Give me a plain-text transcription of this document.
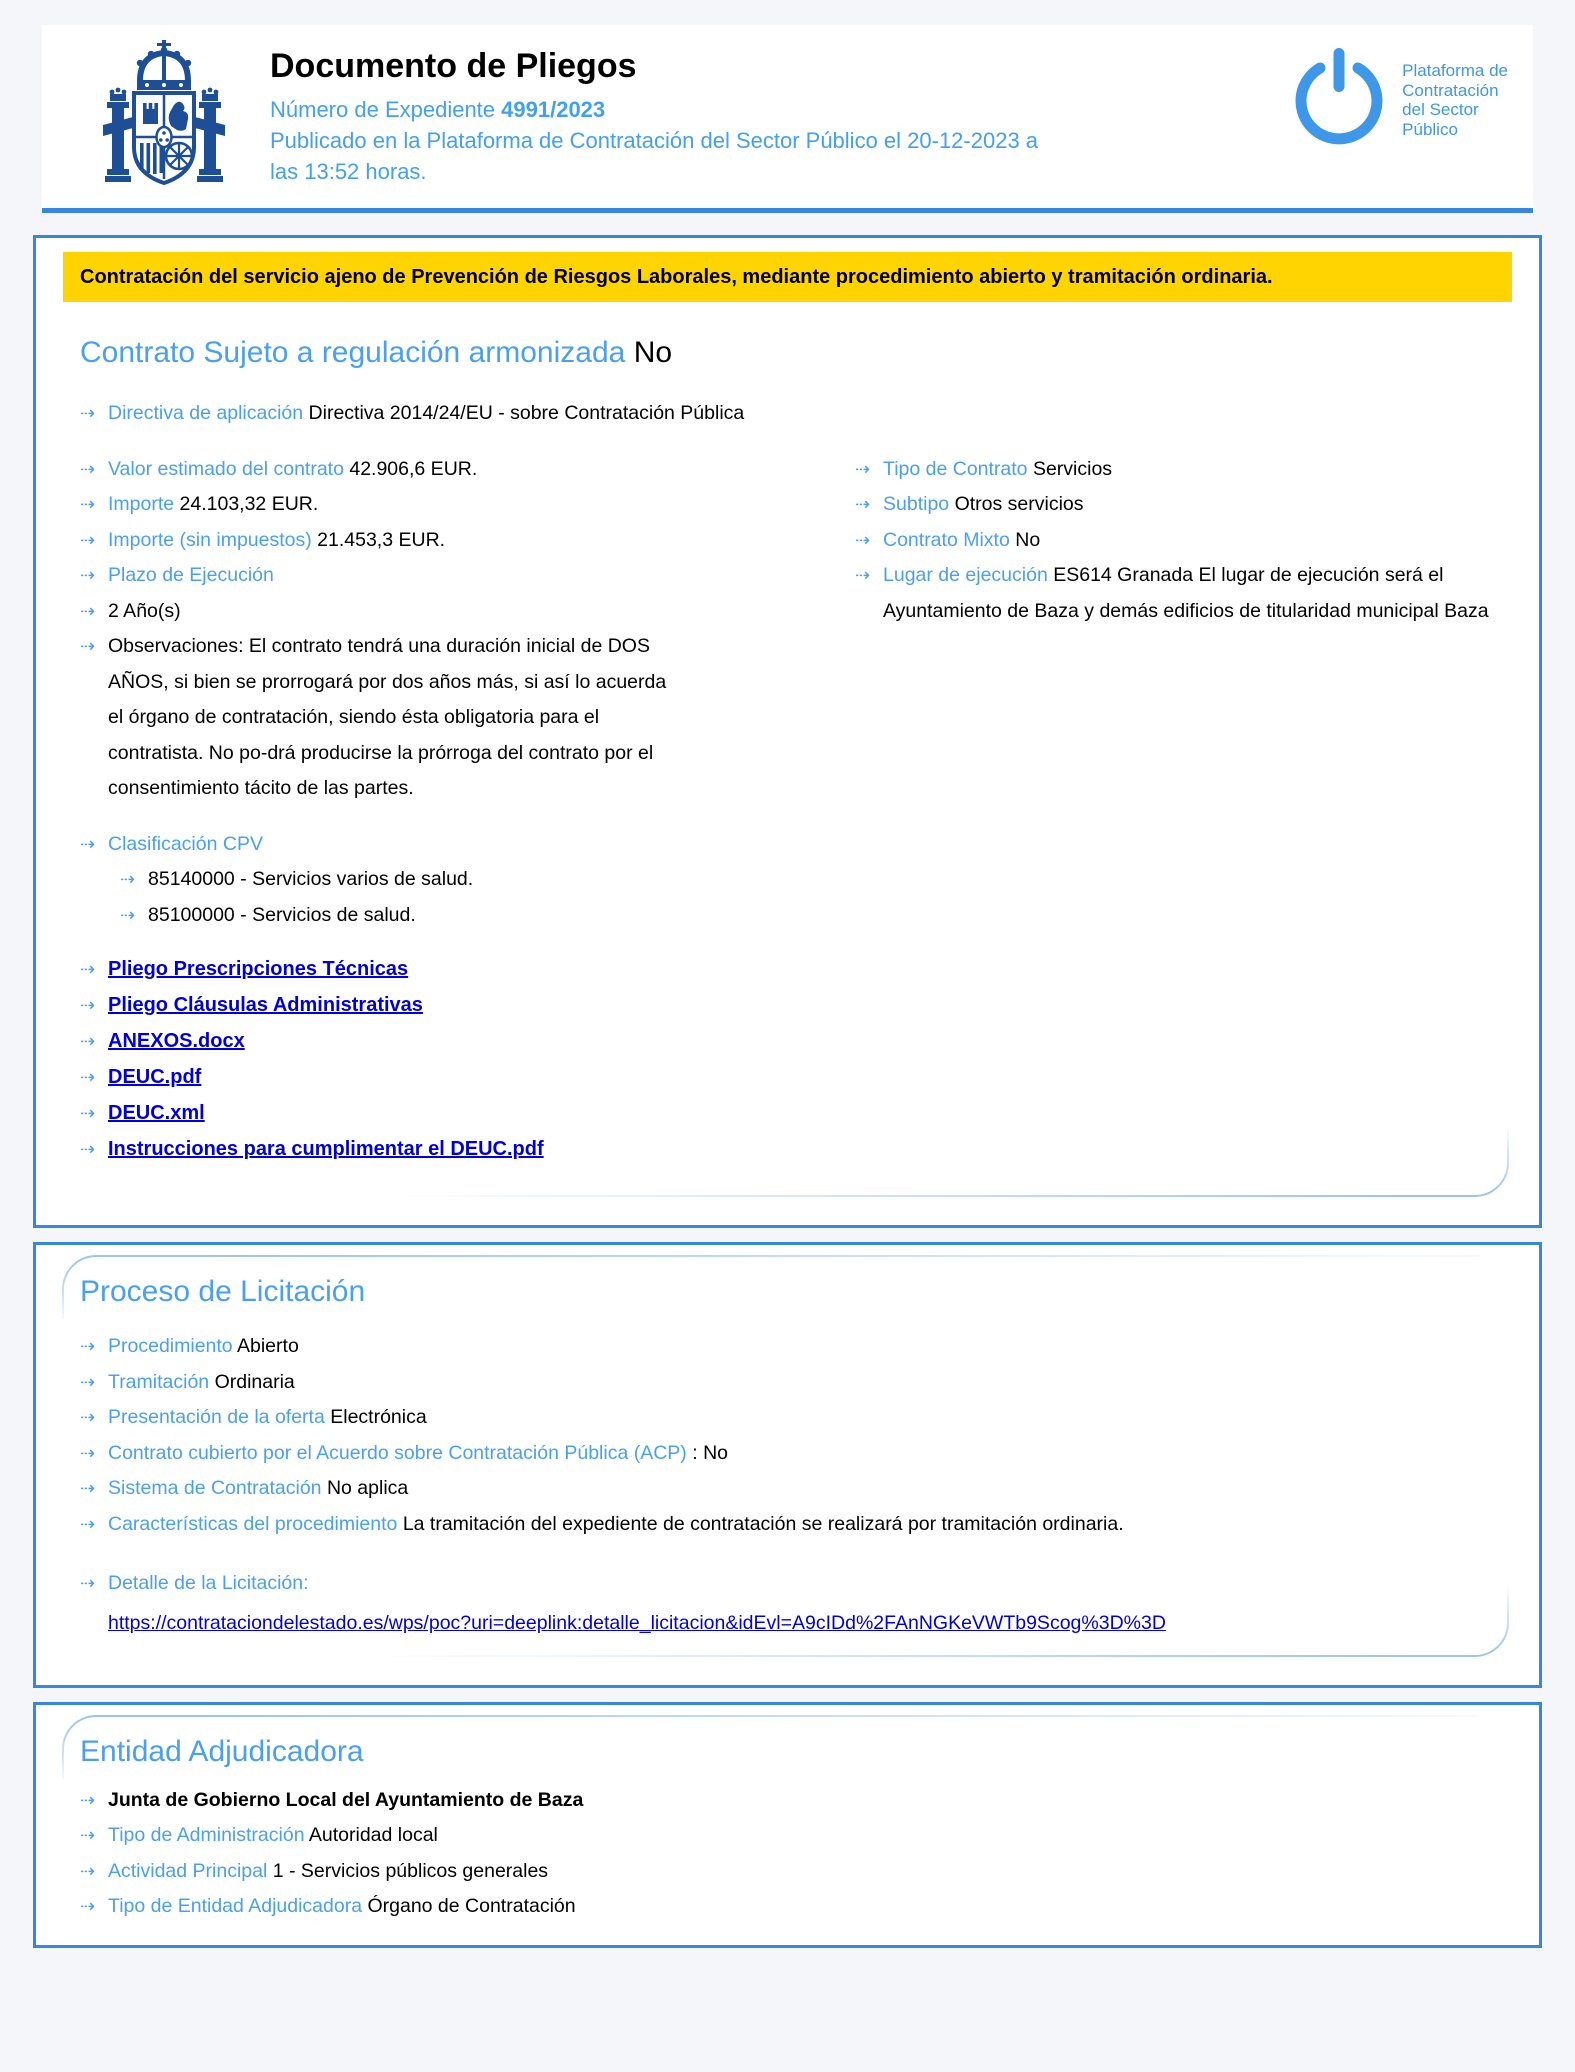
Documento de Pliegos
Número de Expediente 4991/2023
Publicado en la Plataforma de Contratación del Sector Público el 20-12-2023 a las 13:52 horas.
Plataforma de
Contratación
del Sector
Público
Contratación del servicio ajeno de Prevención de Riesgos Laborales, mediante procedimiento abierto y tramitación ordinaria.
Contrato Sujeto a regulación armonizada No
⇢ Directiva de aplicación Directiva 2014/24/EU - sobre Contratación Pública
⇢ Valor estimado del contrato 42.906,6 EUR.
⇢ Importe 24.103,32 EUR.
⇢ Importe (sin impuestos) 21.453,3 EUR.
⇢ Plazo de Ejecución
⇢ 2 Año(s)
⇢ Observaciones: El contrato tendrá una duración inicial de DOS AÑOS, si bien se prorrogará por dos años más, si así lo acuerda el órgano de contratación, siendo ésta obligatoria para el contratista. No po-drá producirse la prórroga del contrato por el consentimiento tácito de las partes.
⇢ Tipo de Contrato Servicios
⇢ Subtipo Otros servicios
⇢ Contrato Mixto No
⇢ Lugar de ejecución ES614 Granada El lugar de ejecución será el Ayuntamiento de Baza y demás edificios de titularidad municipal Baza
⇢ Clasificación CPV
⇢ 85140000 - Servicios varios de salud.
⇢ 85100000 - Servicios de salud.
⇢ Pliego Prescripciones Técnicas
⇢ Pliego Cláusulas Administrativas
⇢ ANEXOS.docx
⇢ DEUC.pdf
⇢ DEUC.xml
⇢ Instrucciones para cumplimentar el DEUC.pdf
Proceso de Licitación
⇢ Procedimiento Abierto
⇢ Tramitación Ordinaria
⇢ Presentación de la oferta Electrónica
⇢ Contrato cubierto por el Acuerdo sobre Contratación Pública (ACP) : No
⇢ Sistema de Contratación No aplica
⇢ Características del procedimiento La tramitación del expediente de contratación se realizará por tramitación ordinaria.
⇢ Detalle de la Licitación:
https://contrataciondelestado.es/wps/poc?uri=deeplink:detalle_licitacion&idEvl=A9cIDd%2FAnNGKeVWTb9Scog%3D%3D
Entidad Adjudicadora
⇢ Junta de Gobierno Local del Ayuntamiento de Baza
⇢ Tipo de Administración Autoridad local
⇢ Actividad Principal 1 - Servicios públicos generales
⇢ Tipo de Entidad Adjudicadora Órgano de Contratación
